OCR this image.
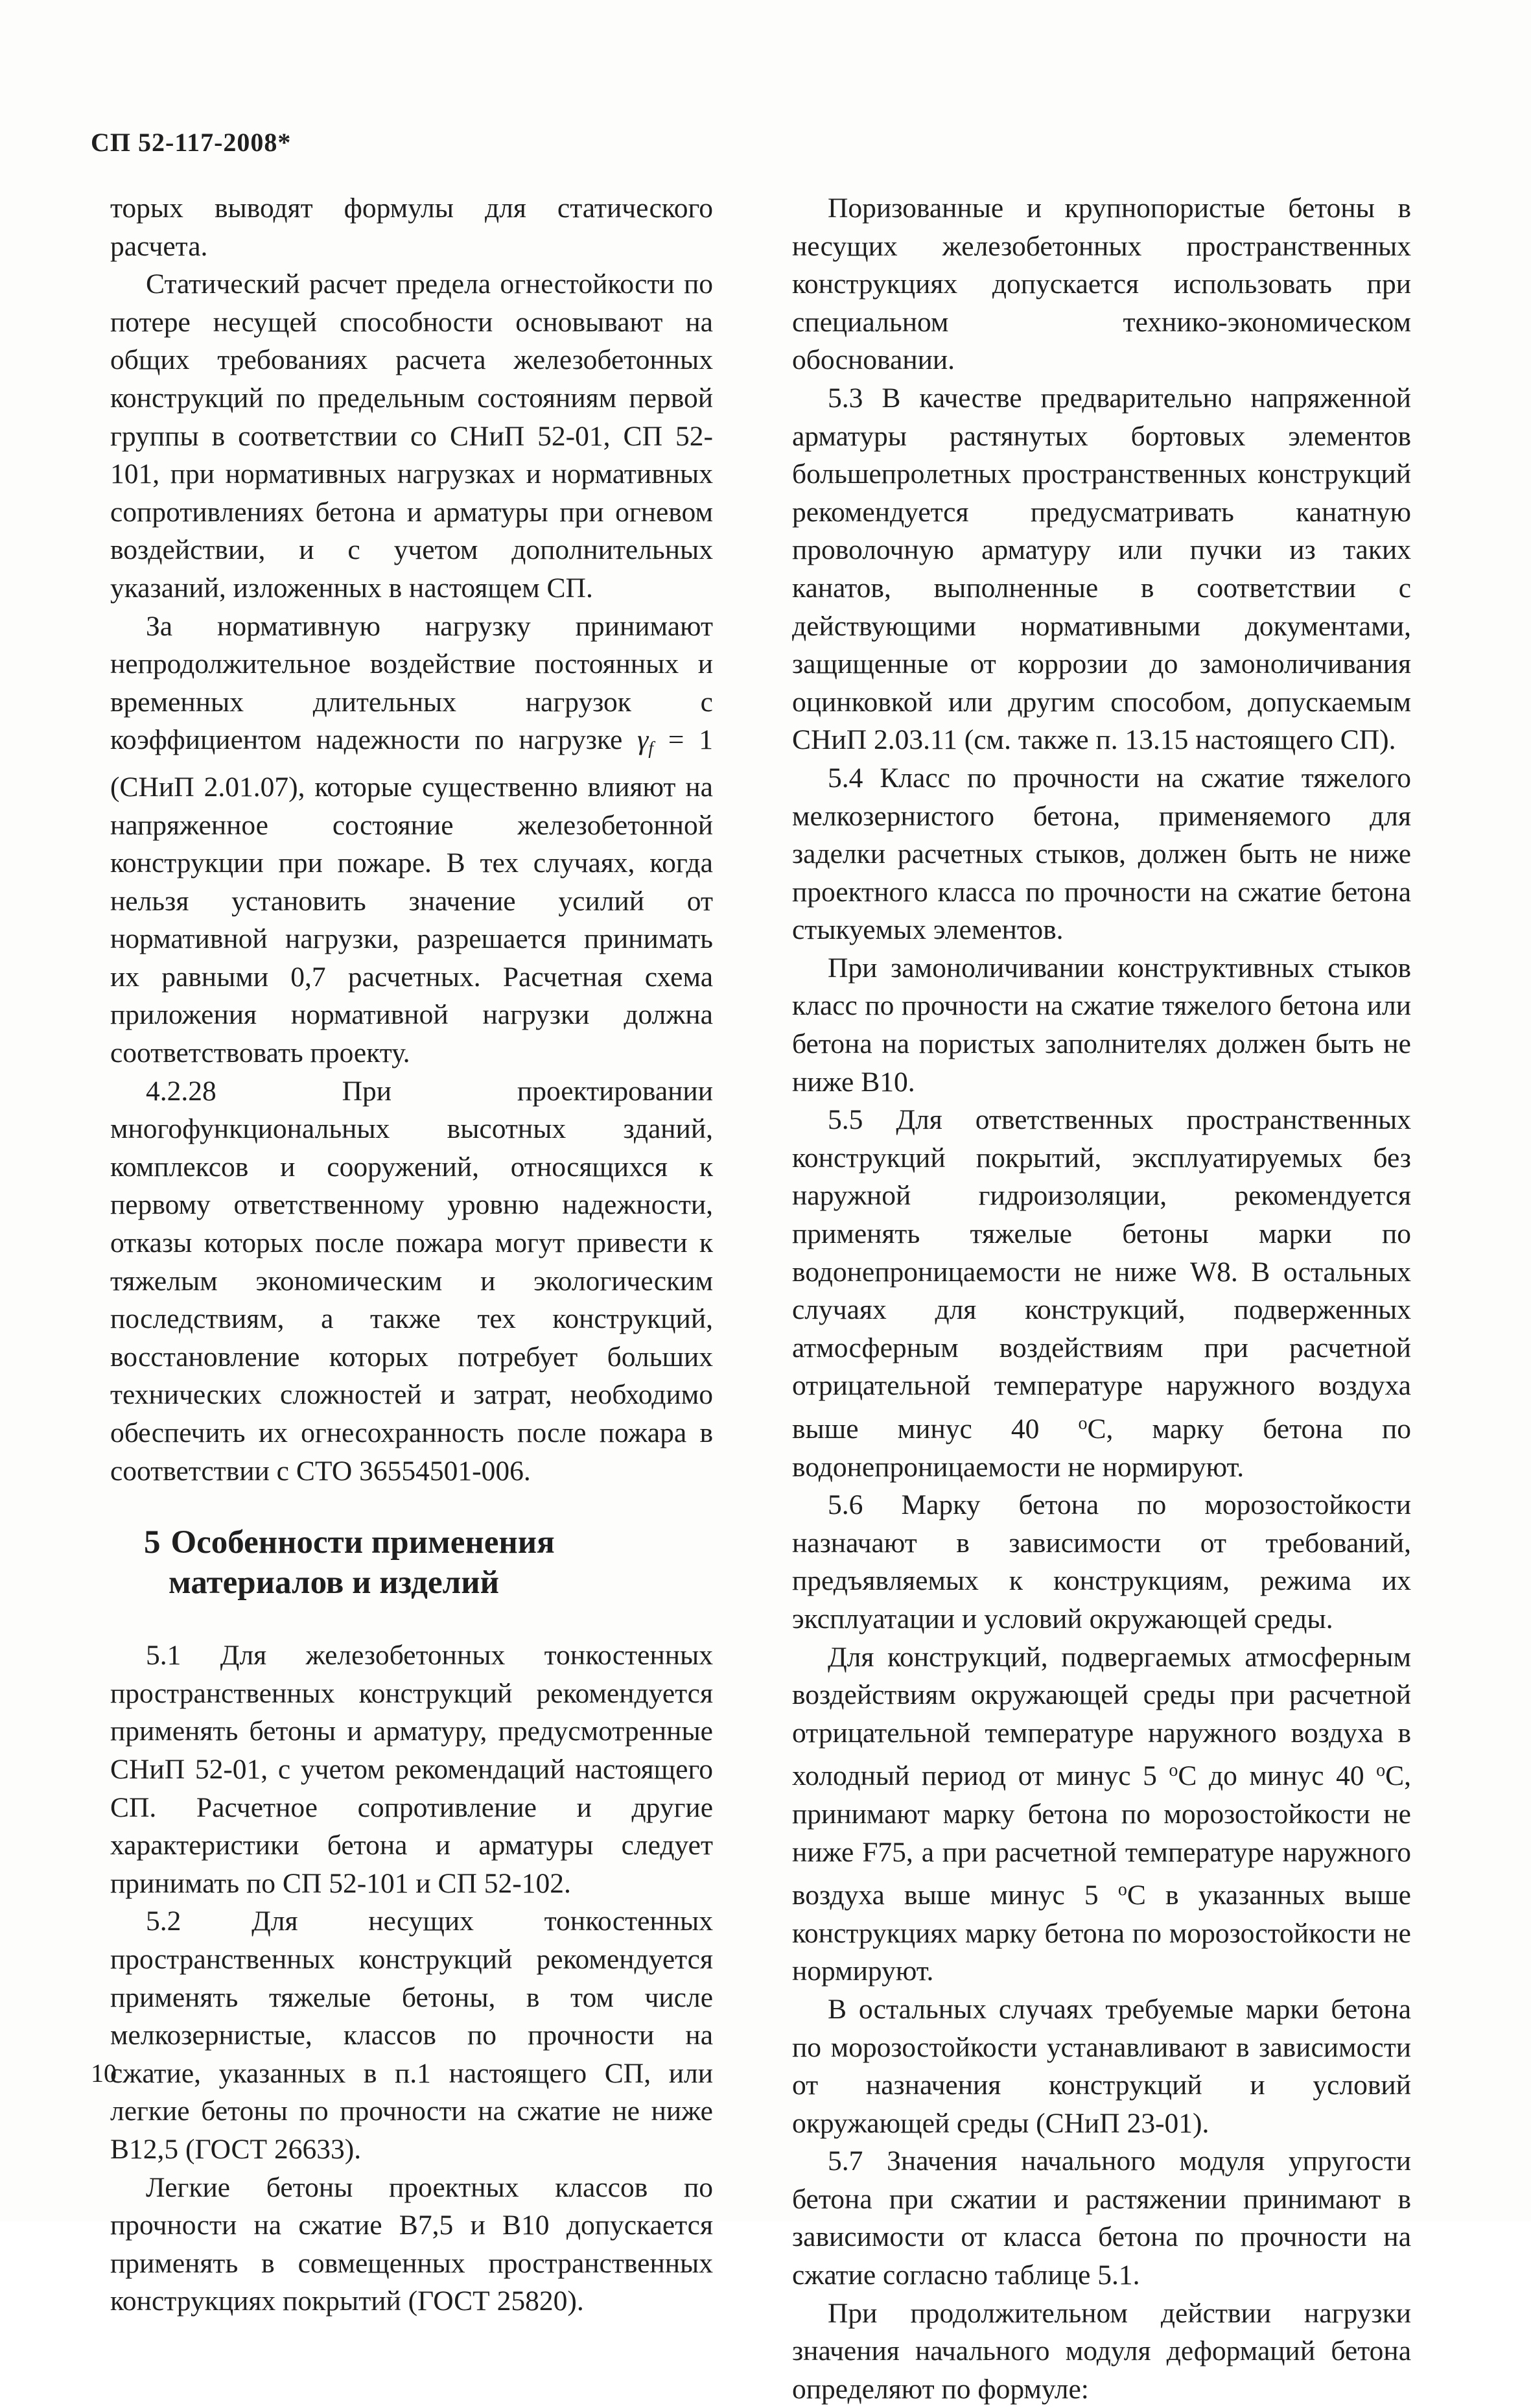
СП 52-117-2008*

торых выводят формулы для статического расчета.

Статический расчет предела огнестойкости по потере несущей способности основывают на общих требованиях расчета железобетонных конструкций по предельным состояниям первой группы в соответствии со СНиП 52-01, СП 52-101, при нормативных нагрузках и нормативных сопротивлениях бетона и арматуры при огневом воздействии, и с учетом дополнительных указаний, изложенных в настоящем СП.

За нормативную нагрузку принимают непродолжительное воздействие постоянных и временных длительных нагрузок с коэффициентом надежности по нагрузке $\gamma_f = 1$ (СНиП 2.01.07), которые существенно влияют на напряженное состояние железобетонной конструкции при пожаре. В тех случаях, когда нельзя установить значение усилий от нормативной нагрузки, разрешается принимать их равными 0,7 расчетных. Расчетная схема приложения нормативной нагрузки должна соответствовать проекту.

4.2.28 При проектировании многофункциональных высотных зданий, комплексов и сооружений, относящихся к первому ответственному уровню надежности, отказы которых после пожара могут привести к тяжелым экономическим и экологическим последствиям, а также тех конструкций, восстановление которых потребует больших технических сложностей и затрат, необходимо обеспечить их огнесохранность после пожара в соответствии с СТО 36554501-006.

5 Особенности применения
материалов и изделий

5.1 Для железобетонных тонкостенных пространственных конструкций рекомендуется применять бетоны и арматуру, предусмотренные СНиП 52-01, с учетом рекомендаций настоящего СП. Расчетное сопротивление и другие характеристики бетона и арматуры следует принимать по СП 52-101 и СП 52-102.

5.2 Для несущих тонкостенных пространственных конструкций рекомендуется применять тяжелые бетоны, в том числе мелкозернистые, классов по прочности на сжатие, указанных в п.1 настоящего СП, или легкие бетоны по прочности на сжатие не ниже В12,5 (ГОСТ 26633).

Легкие бетоны проектных классов по прочности на сжатие В7,5 и В10 допускается применять в совмещенных пространственных конструкциях покрытий (ГОСТ 25820).

Поризованные и крупнопористые бетоны в несущих железобетонных пространственных конструкциях допускается использовать при специальном технико-экономическом обосновании.

5.3 В качестве предварительно напряженной арматуры растянутых бортовых элементов большепролетных пространственных конструкций рекомендуется предусматривать канатную проволочную арматуру или пучки из таких канатов, выполненные в соответствии с действующими нормативными документами, защищенные от коррозии до замоноличивания оцинковкой или другим способом, допускаемым СНиП 2.03.11 (см. также п. 13.15 настоящего СП).

5.4 Класс по прочности на сжатие тяжелого мелкозернистого бетона, применяемого для заделки расчетных стыков, должен быть не ниже проектного класса по прочности на сжатие бетона стыкуемых элементов.

При замоноличивании конструктивных стыков класс по прочности на сжатие тяжелого бетона или бетона на пористых заполнителях должен быть не ниже В10.

5.5 Для ответственных пространственных конструкций покрытий, эксплуатируемых без наружной гидроизоляции, рекомендуется применять тяжелые бетоны марки по водонепроницаемости не ниже W8. В остальных случаях для конструкций, подверженных атмосферным воздействиям при расчетной отрицательной температуре наружного воздуха выше минус 40 $^о$С, марку бетона по водонепроницаемости не нормируют.

5.6 Марку бетона по морозостойкости назначают в зависимости от требований, предъявляемых к конструкциям, режима их эксплуатации и условий окружающей среды.

Для конструкций, подвергаемых атмосферным воздействиям окружающей среды при расчетной отрицательной температуре наружного воздуха в холодный период от минус 5 $^о$С до минус 40 $^о$С, принимают марку бетона по морозостойкости не ниже F75, а при расчетной температуре наружного воздуха выше минус 5 $^о$С в указанных выше конструкциях марку бетона по морозостойкости не нормируют.

В остальных случаях требуемые марки бетона по морозостойкости устанавливают в зависимости от назначения конструкций и условий окружающей среды (СНиП 23-01).

5.7 Значения начального модуля упругости бетона при сжатии и растяжении принимают в зависимости от класса бетона по прочности на сжатие согласно таблице 5.1.

При продолжительном действии нагрузки значения начального модуля деформаций бетона определяют по формуле:

10
